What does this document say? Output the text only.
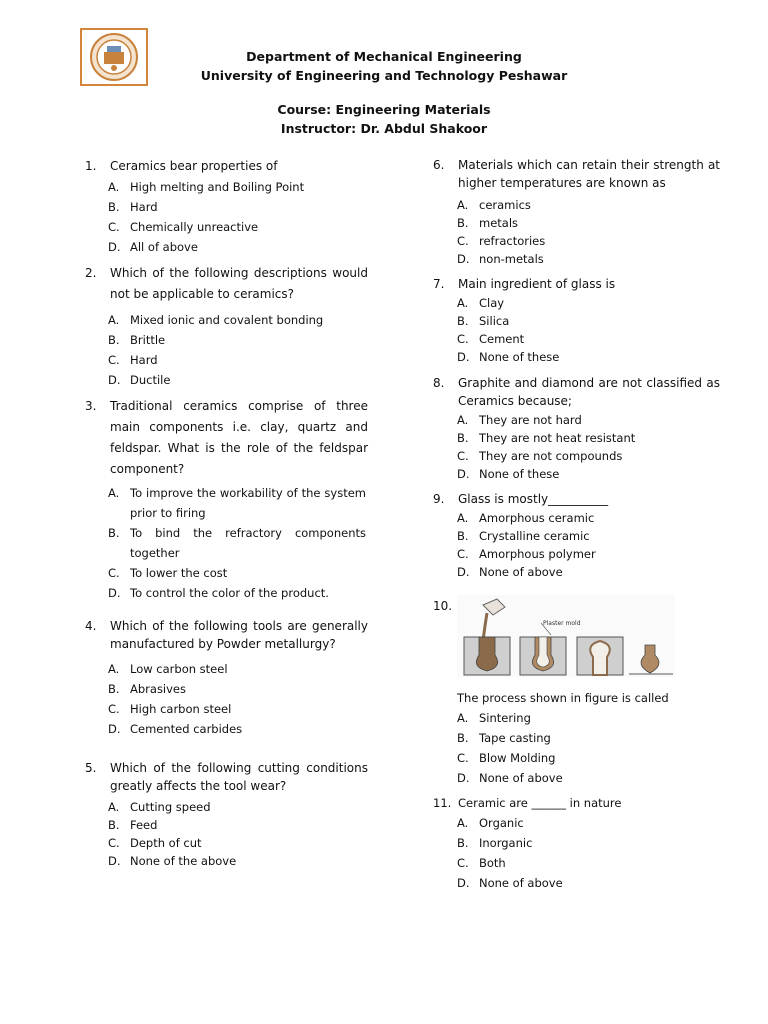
Department of Mechanical Engineering
University of Engineering and Technology Peshawar
Course: Engineering Materials
Instructor: Dr. Abdul Shakoor
1. Ceramics bear properties of
A. High melting and Boiling Point
B. Hard
C. Chemically unreactive
D. All of above
2. Which of the following descriptions would not be applicable to ceramics?
A. Mixed ionic and covalent bonding
B. Brittle
C. Hard
D. Ductile
3. Traditional ceramics comprise of three main components i.e. clay, quartz and feldspar. What is the role of the feldspar component?
A. To improve the workability of the system prior to firing
B. To bind the refractory components together
C. To lower the cost
D. To control the color of the product.
4. Which of the following tools are generally manufactured by Powder metallurgy?
A. Low carbon steel
B. Abrasives
C. High carbon steel
D. Cemented carbides
5. Which of the following cutting conditions greatly affects the tool wear?
A. Cutting speed
B. Feed
C. Depth of cut
D. None of the above
6. Materials which can retain their strength at higher temperatures are known as
A. ceramics
B. metals
C. refractories
D. non-metals
7. Main ingredient of glass is
A. Clay
B. Silica
C. Cement
D. None of these
8. Graphite and diamond are not classified as Ceramics because;
A. They are not hard
B. They are not heat resistant
C. They are not compounds
D. None of these
9. Glass is mostly__________
A. Amorphous ceramic
B. Crystalline ceramic
C. Amorphous polymer
D. None of above
10.
Plaster mold
The process shown in figure is called
A. Sintering
B. Tape casting
C. Blow Molding
D. None of above
11. Ceramic are ______ in nature
A. Organic
B. Inorganic
C. Both
D. None of above
